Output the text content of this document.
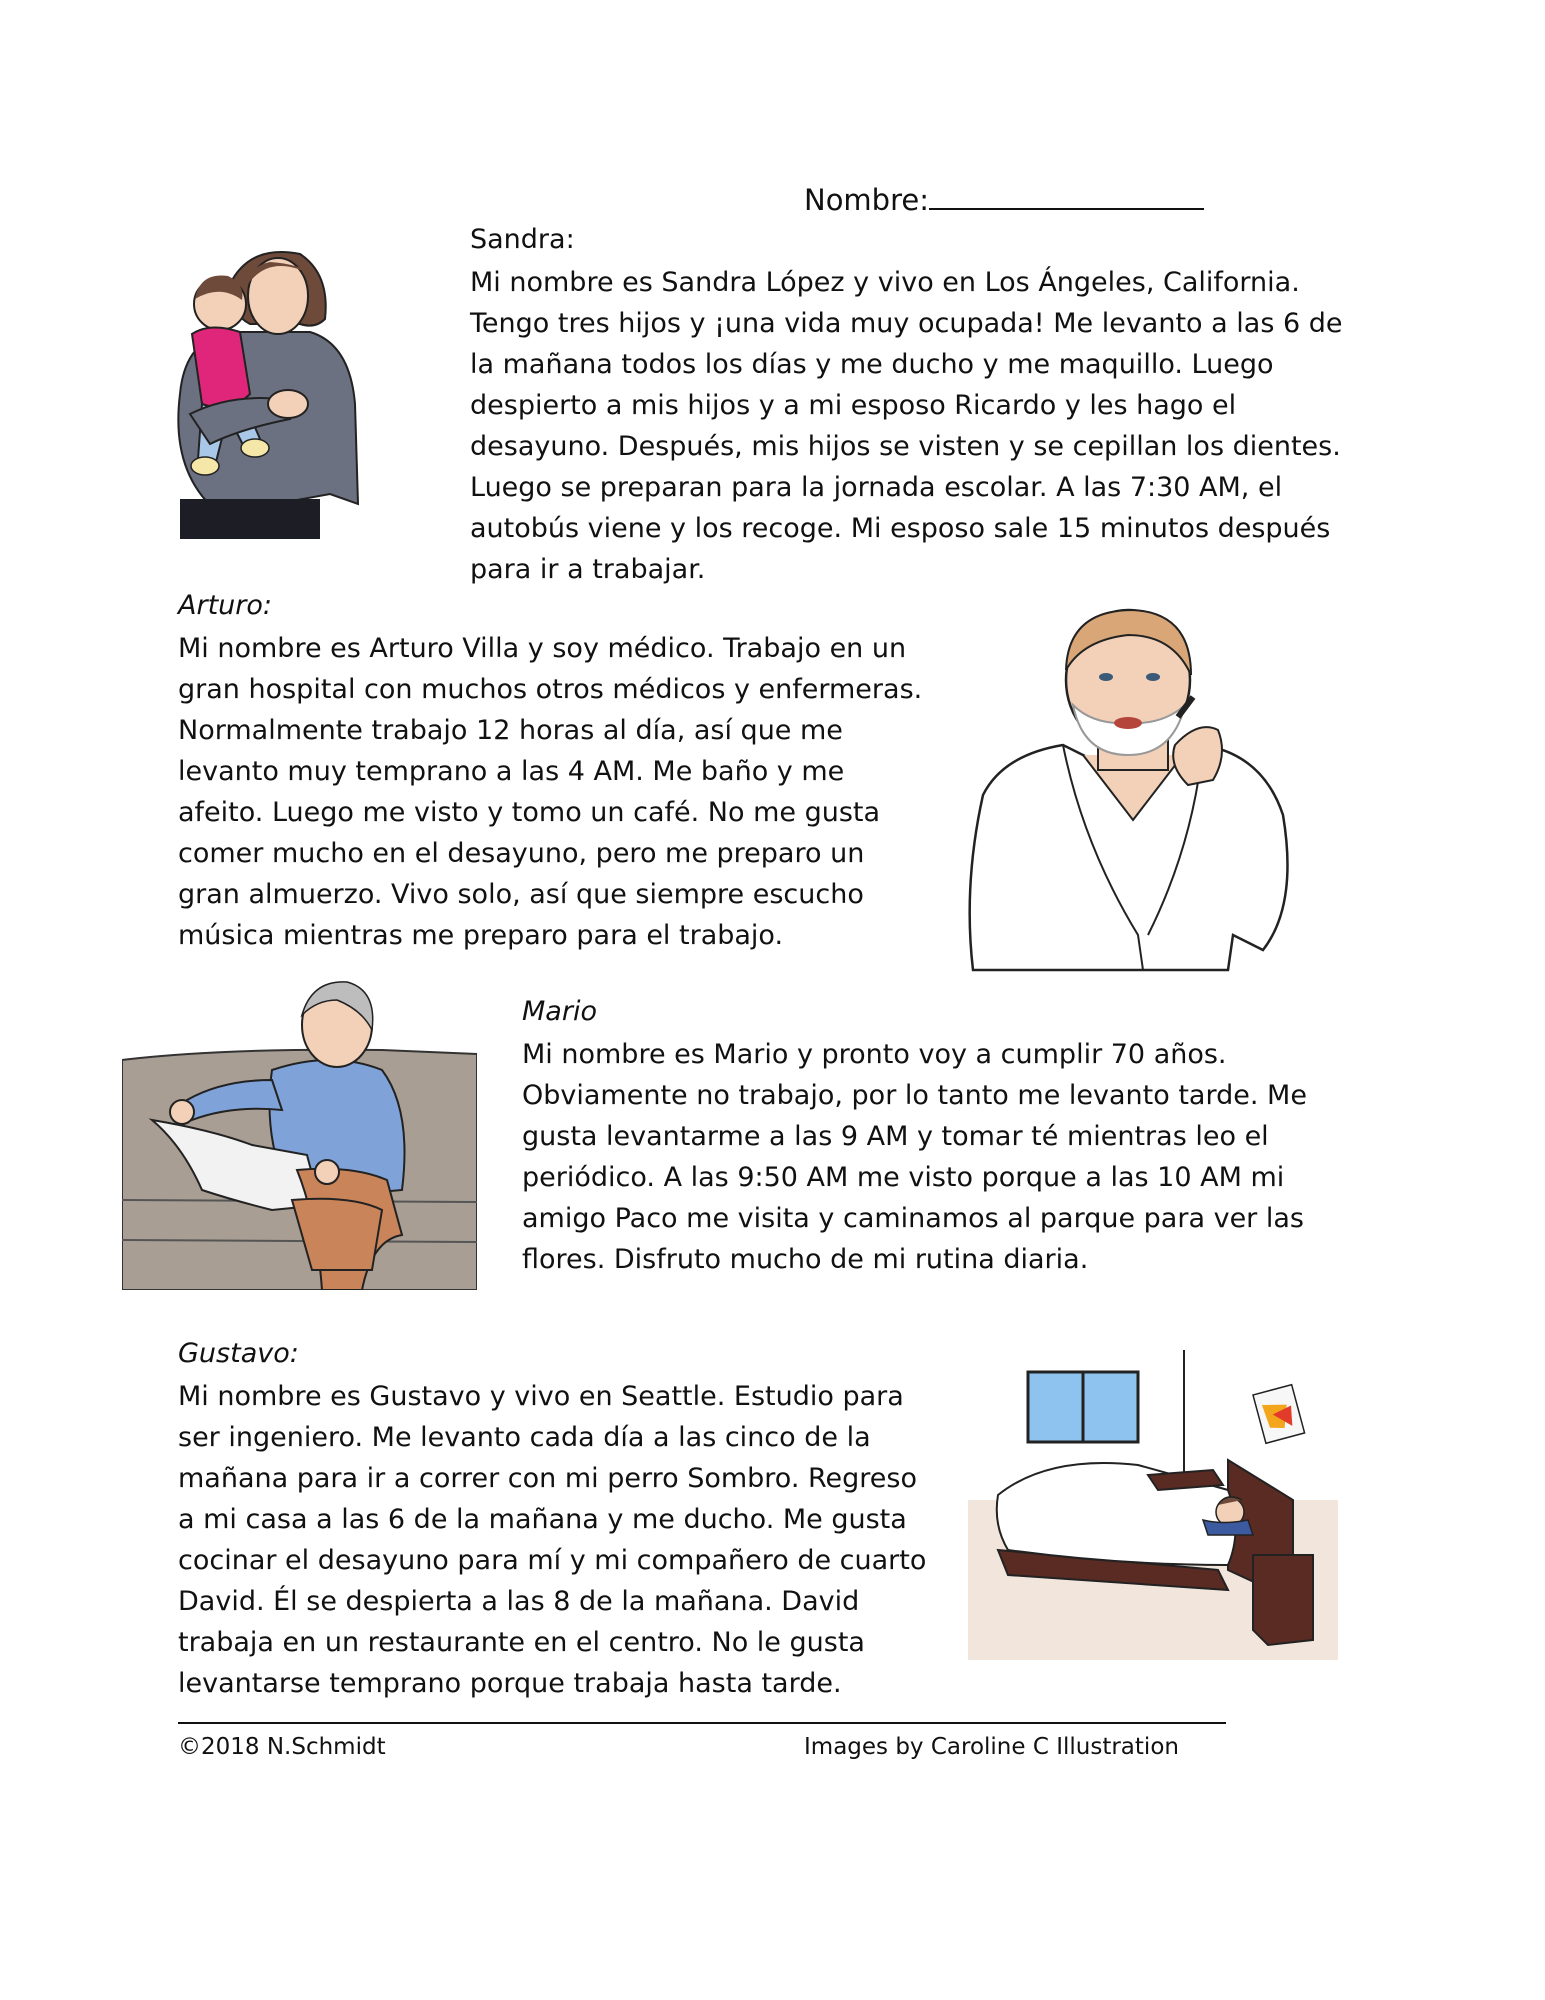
Nombre:

Sandra:

Mi nombre es Sandra López y vivo en Los Ángeles, California.
Tengo tres hijos y ¡una vida muy ocupada! Me levanto a las 6 de
la mañana todos los días y me ducho y me maquillo. Luego
despierto a mis hijos y a mi esposo Ricardo y les hago el
desayuno. Después, mis hijos se visten y se cepillan los dientes.
Luego se preparan para la jornada escolar. A las 7:30 AM, el
autobús viene y los recoge. Mi esposo sale 15 minutos después
para ir a trabajar.

Arturo:

Mi nombre es Arturo Villa y soy médico. Trabajo en un
gran hospital con muchos otros médicos y enfermeras.
Normalmente trabajo 12 horas al día, así que me
levanto muy temprano a las 4 AM. Me baño y me
afeito. Luego me visto y tomo un café. No me gusta
comer mucho en el desayuno, pero me preparo un
gran almuerzo. Vivo solo, así que siempre escucho
música mientras me preparo para el trabajo.

Mario

Mi nombre es Mario y pronto voy a cumplir 70 años.
Obviamente no trabajo, por lo tanto me levanto tarde. Me
gusta levantarme a las 9 AM y tomar té mientras leo el
periódico. A las 9:50 AM me visto porque a las 10 AM mi
amigo Paco me visita y caminamos al parque para ver las
flores. Disfruto mucho de mi rutina diaria.

Gustavo:

Mi nombre es Gustavo y vivo en Seattle. Estudio para
ser ingeniero. Me levanto cada día a las cinco de la
mañana para ir a correr con mi perro Sombro. Regreso
a mi casa a las 6 de la mañana y me ducho. Me gusta
cocinar el desayuno para mí y mi compañero de cuarto
David. Él se despierta a las 8 de la mañana. David
trabaja en un restaurante en el centro. No le gusta
levantarse temprano porque trabaja hasta tarde.

©2018 N.Schmidt	Images by Caroline C Illustration
